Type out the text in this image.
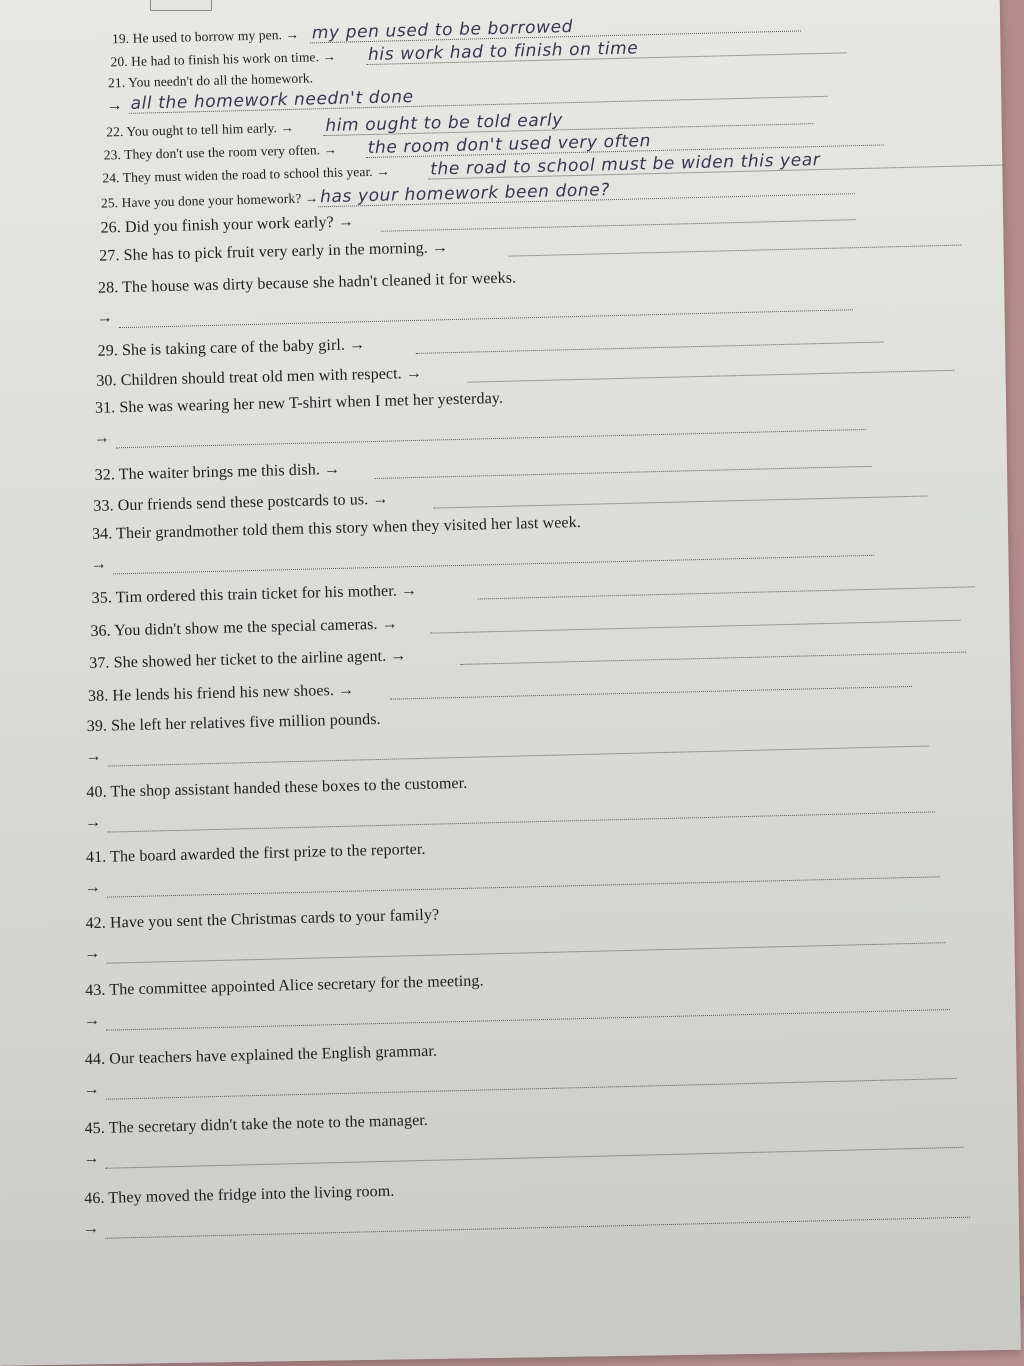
19. He used to borrow my pen. → my pen used to be borrowed
20. He had to finish his work on time. → his work had to finish on time
21. You needn't do all the homework.
→ all the homework needn't done
22. You ought to tell him early. → him ought to be told early
23. They don't use the room very often. → the room don't used very often
24. They must widen the road to school this year. → the road to school must be widen this year
25. Have you done your homework? → has your homework been done?
26. Did you finish your work early? →
27. She has to pick fruit very early in the morning. →
28. The house was dirty because she hadn't cleaned it for weeks.
→
29. She is taking care of the baby girl. →
30. Children should treat old men with respect. →
31. She was wearing her new T-shirt when I met her yesterday.
→
32. The waiter brings me this dish. →
33. Our friends send these postcards to us. →
34. Their grandmother told them this story when they visited her last week.
→
35. Tim ordered this train ticket for his mother. →
36. You didn't show me the special cameras. →
37. She showed her ticket to the airline agent. →
38. He lends his friend his new shoes. →
39. She left her relatives five million pounds.
→
40. The shop assistant handed these boxes to the customer.
→
41. The board awarded the first prize to the reporter.
→
42. Have you sent the Christmas cards to your family?
→
43. The committee appointed Alice secretary for the meeting.
→
44. Our teachers have explained the English grammar.
→
45. The secretary didn't take the note to the manager.
→
46. They moved the fridge into the living room.
→
